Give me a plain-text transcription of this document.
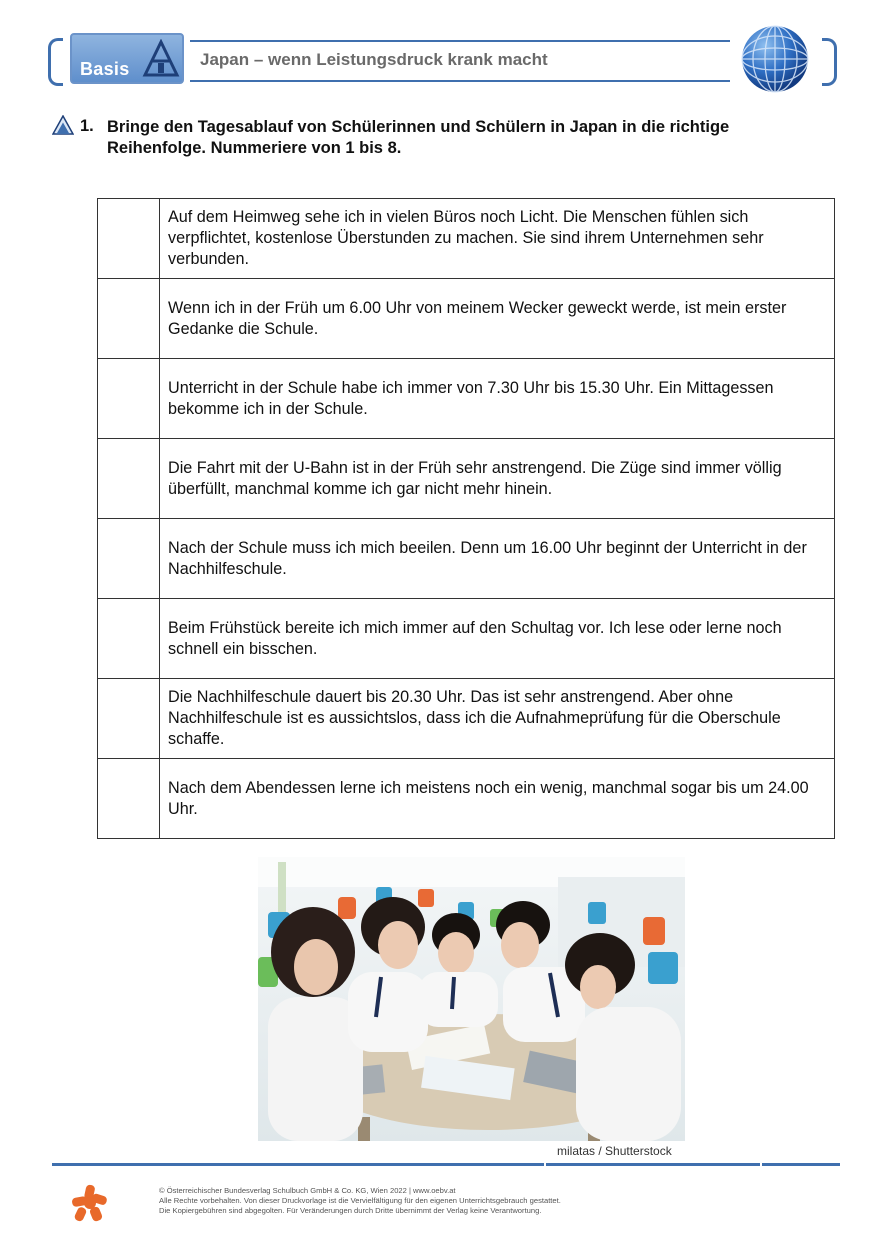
Basis	Japan – wenn Leistungsdruck krank macht
1. Bringe den Tagesablauf von Schülerinnen und Schülern in Japan in die richtige Reihenfolge. Nummeriere von 1 bis 8.
	Auf dem Heimweg sehe ich in vielen Büros noch Licht. Die Menschen fühlen sich verpflichtet, kostenlose Überstunden zu machen. Sie sind ihrem Unternehmen sehr verbunden.
	Wenn ich in der Früh um 6.00 Uhr von meinem Wecker geweckt werde, ist mein erster Gedanke die Schule.
	Unterricht in der Schule habe ich immer von 7.30 Uhr bis 15.30 Uhr. Ein Mittagessen bekomme ich in der Schule.
	Die Fahrt mit der U-Bahn ist in der Früh sehr anstrengend. Die Züge sind immer völlig überfüllt, manchmal komme ich gar nicht mehr hinein.
	Nach der Schule muss ich mich beeilen. Denn um 16.00 Uhr beginnt der Unterricht in der Nachhilfeschule.
	Beim Frühstück bereite ich mich immer auf den Schultag vor. Ich lese oder lerne noch schnell ein bisschen.
	Die Nachhilfeschule dauert bis 20.30 Uhr. Das ist sehr anstrengend. Aber ohne Nachhilfeschule ist es aussichtslos, dass ich die Aufnahmeprüfung für die Oberschule schaffe.
	Nach dem Abendessen lerne ich meistens noch ein wenig, manchmal sogar bis um 24.00 Uhr.
milatas / Shutterstock
© Österreichischer Bundesverlag Schulbuch GmbH & Co. KG, Wien 2022 | www.oebv.at
Alle Rechte vorbehalten. Von dieser Druckvorlage ist die Vervielfältigung für den eigenen Unterrichtsgebrauch gestattet.
Die Kopiergebühren sind abgegolten. Für Veränderungen durch Dritte übernimmt der Verlag keine Verantwortung.
